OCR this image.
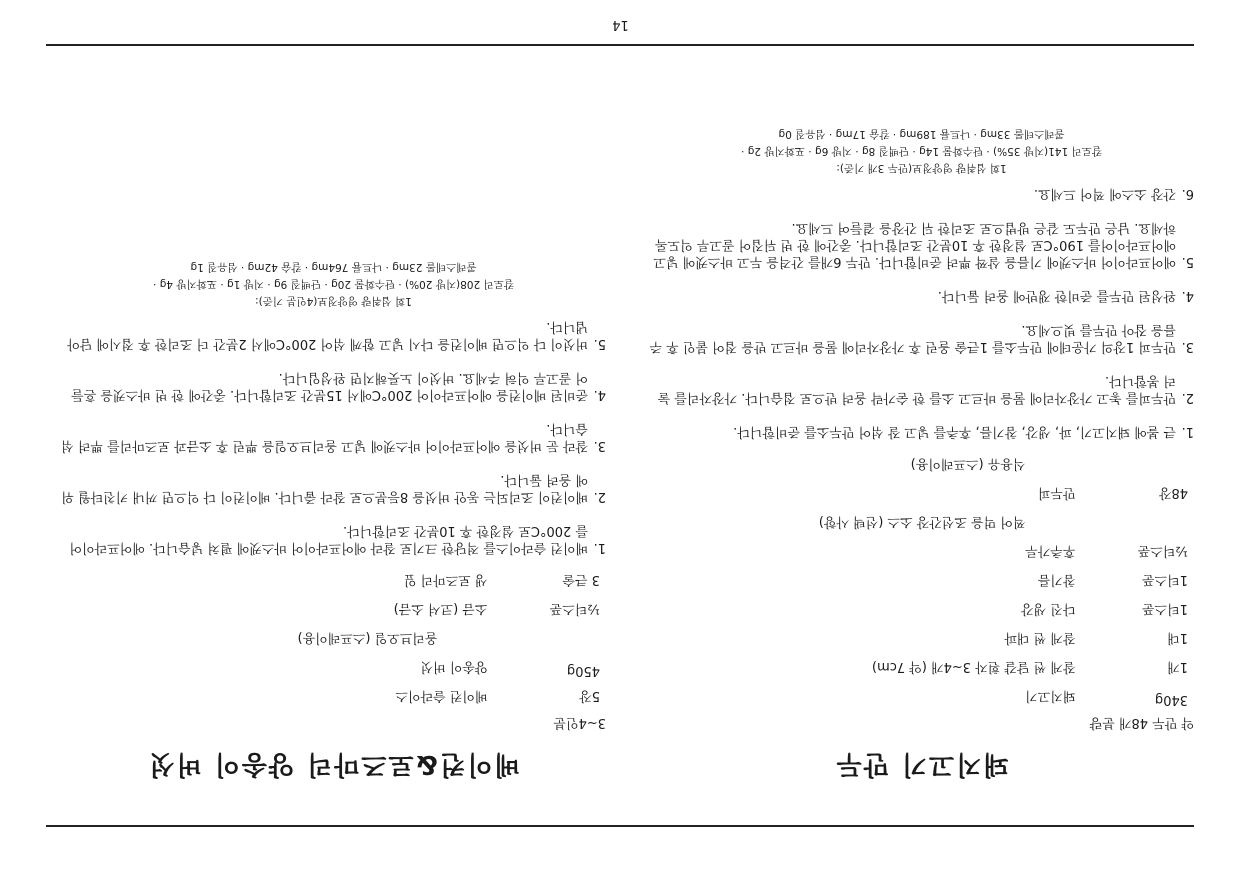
돼지고기 만두
약 만두 48개 분량
340g	돼지고기
1개	잘게 썬 달걀 흰자 3~4개 (약 7cm)
1대	잘게 썬 대파
1티스푼	다진 생강
1티스푼	참기름
½티스푼	후추가루
	찍어 먹을 조선간장 소스 (선택 사항)
48장	만두피
	식용유 (스프레이용)
1.
큰 볼에 돼지고기, 파, 생강, 참기름, 후추를 넣고 잘 섞어 만두소를 준비합니다.
2.
만두피를 놓고 가장자리에 물을 바르고 소를 한 숟가락 올려 반으로 접습니다. 가장자리를 눌러 봉합니다.
3.
만두피 1장의 가운데에 만두소를 1큰술 올린 후 가장자리에 물을 바르고 반을 접어 붙인 후 주름을 잡아 만두를 빚으세요.
4.
완성된 만두를 준비한 쟁반에 올려 둡니다.
5.
에어프라이어 바스켓에 기름을 살짝 뿌려 준비합니다. 만두 6개를 간격을 두고 바스켓에 넣고 에어프라이어를 190°C로 설정한 후 10분간 조리합니다. 중간에 한 번 뒤집어 골고루 익도록 하세요. 남은 만두도 같은 방법으로 조리한 뒤 간장을 곁들여 드세요.
6.
간장 소스에 찍어 드세요.
1회 섭취량 영양정보(만두 3개 기준):
칼로리 141(지방 35%) · 탄수화물 14g · 단백질 8g · 지방 6g · 포화지방 2g ·
콜레스테롤 33mg · 나트륨 189mg · 칼슘 17mg · 섬유질 0g
베이컨&로즈마리 양송이 버섯
3~4인분
5장	베이컨 슬라이스
450g	양송이 버섯
	올리브오일 (스프레이용)
½티스푼	소금 (코셔 소금)
3 큰술	생 로즈마리 잎
1.
베이컨 슬라이스를 적당한 크기로 잘라 에어프라이어 바스켓에 펼쳐 넣습니다. 에어프라이어를 200°C로 설정한 후 10분간 조리합니다.
2.
베이컨이 조리되는 동안 버섯을 8등분으로 잘라 줍니다. 베이컨이 다 익으면 꺼내 키친타월 위에 올려 둡니다.
3.
잘라 둔 버섯을 에어프라이어 바스켓에 넣고 올리브오일을 뿌린 후 소금과 로즈마리를 뿌려 섞습니다.
4.
준비된 베이컨을 에어프라이어 200°C에서 15분간 조리합니다. 중간에 한 번 바스켓을 흔들어 골고루 익혀 주세요. 버섯이 노릇해지면 완성입니다.
5.
버섯이 다 익으면 베이컨을 다시 넣고 함께 섞어 200°C에서 2분간 더 조리한 후 접시에 담아 냅니다.
1회 섭취량 영양정보(4인분 기준):
칼로리 208(지방 20%) · 탄수화물 20g · 단백질 9g · 지방 1g · 포화지방 4g ·
콜레스테롤 23mg · 나트륨 764mg · 칼슘 42mg · 섬유질 1g
14
